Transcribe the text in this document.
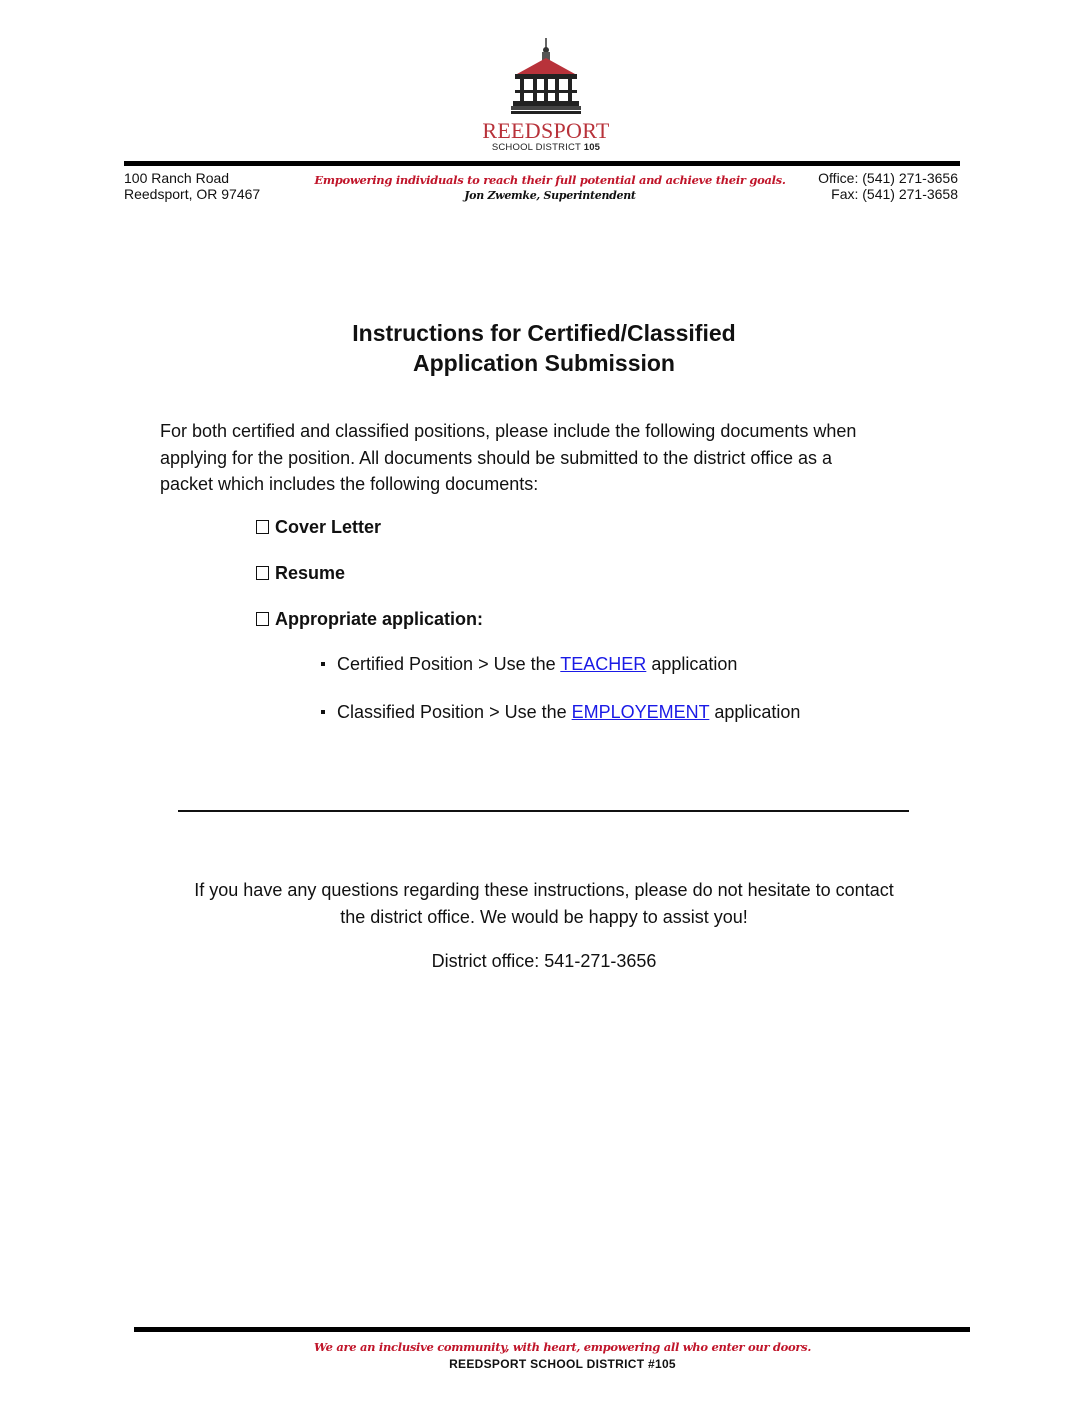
REEDSPORT
SCHOOL DISTRICT 105
100 Ranch Road
Reedsport, OR 97467
Empowering individuals to reach their full potential and achieve their goals.
Jon Zwemke, Superintendent
Office: (541) 271-3656
Fax: (541) 271-3658
Instructions for Certified/Classified
Application Submission
For both certified and classified positions, please include the following documents when
applying for the position. All documents should be submitted to the district office as a
packet which includes the following documents:
Cover Letter
Resume
Appropriate application:
Certified Position > Use the TEACHER application
Classified Position > Use the EMPLOYEMENT application
If you have any questions regarding these instructions, please do not hesitate to contact
the district office. We would be happy to assist you!
District office: 541-271-3656
We are an inclusive community, with heart, empowering all who enter our doors.
REEDSPORT SCHOOL DISTRICT #105
